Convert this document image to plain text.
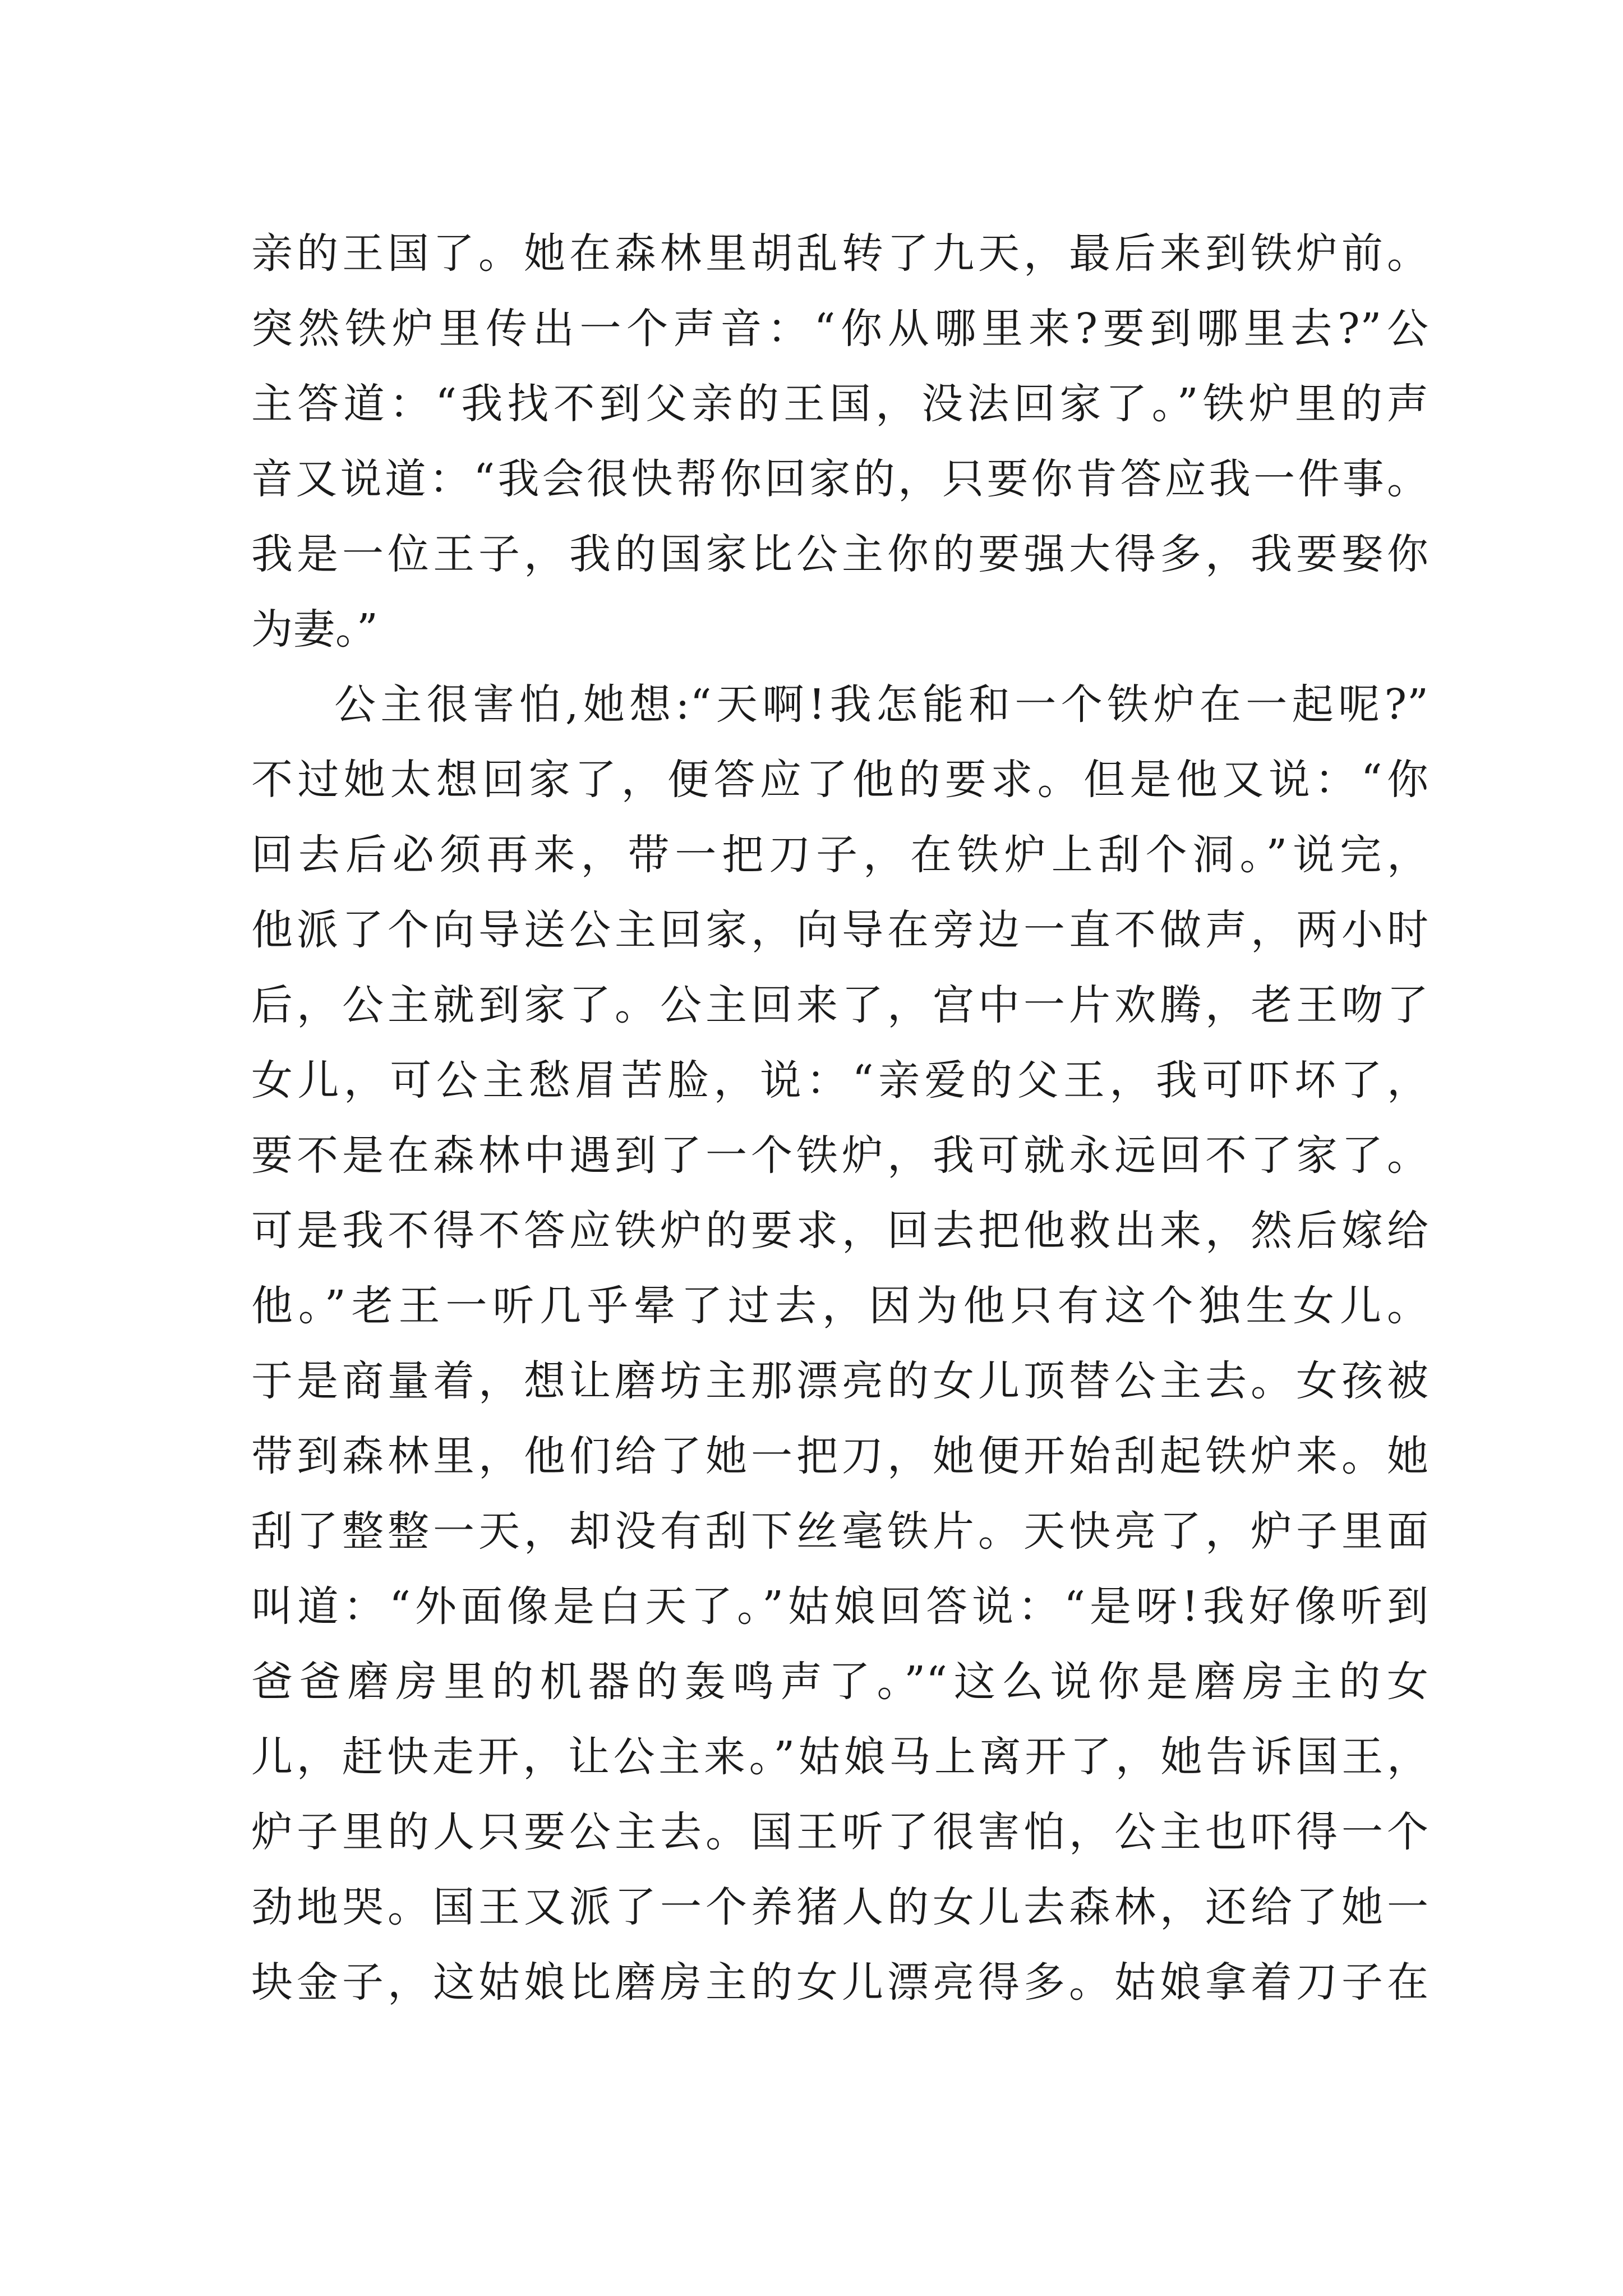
亲的王国了。她在森林里胡乱转了九天，最后来到铁炉前。
突然铁炉里传出一个声音：“你从哪里来?要到哪里去?”公
主答道：“我找不到父亲的王国，没法回家了。”铁炉里的声
音又说道：“我会很快帮你回家的，只要你肯答应我一件事。
我是一位王子，我的国家比公主你的要强大得多，我要娶你
为妻。”
公主很害怕,她想:“天啊!我怎能和一个铁炉在一起呢?”
不过她太想回家了，便答应了他的要求。但是他又说：“你
回去后必须再来，带一把刀子，在铁炉上刮个洞。”说完，
他派了个向导送公主回家，向导在旁边一直不做声，两小时
后，公主就到家了。公主回来了，宫中一片欢腾，老王吻了
女儿，可公主愁眉苦脸，说：“亲爱的父王，我可吓坏了，
要不是在森林中遇到了一个铁炉，我可就永远回不了家了。
可是我不得不答应铁炉的要求，回去把他救出来，然后嫁给
他。”老王一听几乎晕了过去，因为他只有这个独生女儿。
于是商量着，想让磨坊主那漂亮的女儿顶替公主去。女孩被
带到森林里，他们给了她一把刀，她便开始刮起铁炉来。她
刮了整整一天，却没有刮下丝毫铁片。天快亮了，炉子里面
叫道：“外面像是白天了。”姑娘回答说：“是呀!我好像听到
爸爸磨房里的机器的轰鸣声了。”“这么说你是磨房主的女
儿，赶快走开，让公主来。”姑娘马上离开了，她告诉国王，
炉子里的人只要公主去。国王听了很害怕，公主也吓得一个
劲地哭。国王又派了一个养猪人的女儿去森林，还给了她一
块金子，这姑娘比磨房主的女儿漂亮得多。姑娘拿着刀子在
